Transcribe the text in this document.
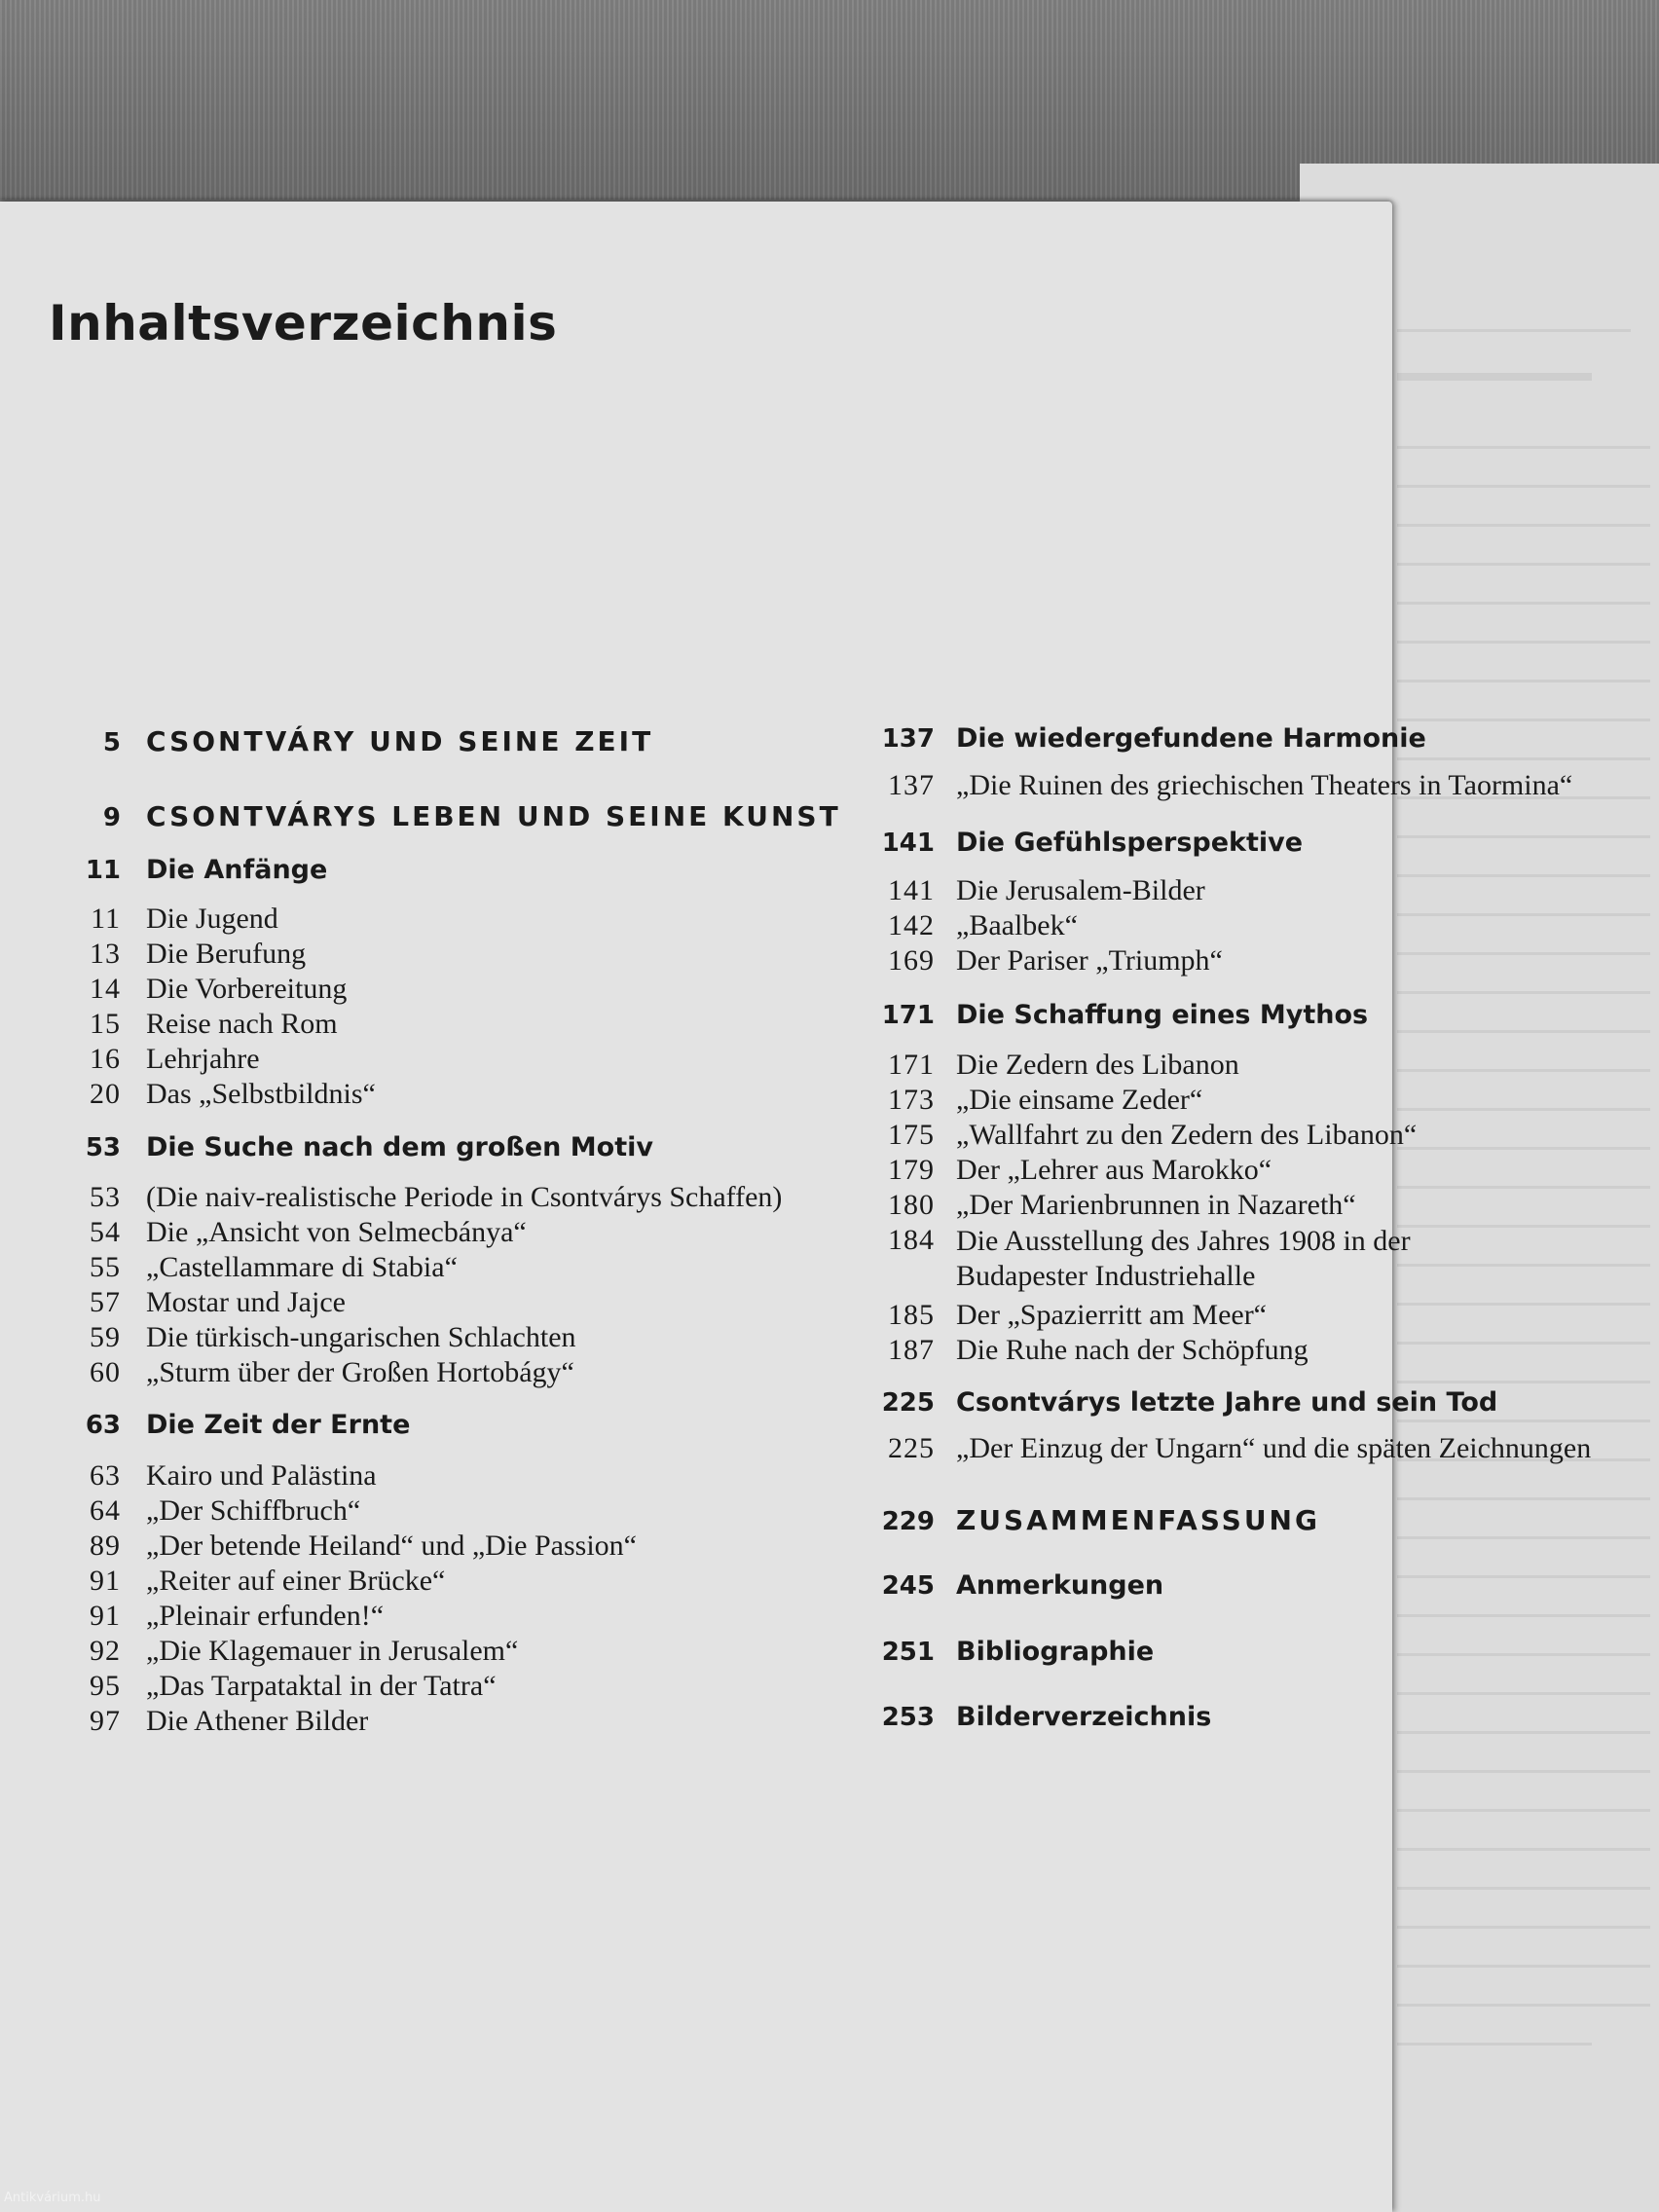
Inhaltsverzeichnis
5 CSONTVÁRY UND SEINE ZEIT
9 CSONTVÁRYS LEBEN UND SEINE KUNST
11 Die Anfänge
11 Die Jugend
13 Die Berufung
14 Die Vorbereitung
15 Reise nach Rom
16 Lehrjahre
20 Das „Selbstbildnis“
53 Die Suche nach dem großen Motiv
53 (Die naiv-realistische Periode in Csontvárys Schaffen)
54 Die „Ansicht von Selmecbánya“
55 „Castellammare di Stabia“
57 Mostar und Jajce
59 Die türkisch-ungarischen Schlachten
60 „Sturm über der Großen Hortobágy“
63 Die Zeit der Ernte
63 Kairo und Palästina
64 „Der Schiffbruch“
89 „Der betende Heiland“ und „Die Passion“
91 „Reiter auf einer Brücke“
91 „Pleinair erfunden!“
92 „Die Klagemauer in Jerusalem“
95 „Das Tarpataktal in der Tatra“
97 Die Athener Bilder
137 Die wiedergefundene Harmonie
137 „Die Ruinen des griechischen Theaters in Taormina“
141 Die Gefühlsperspektive
141 Die Jerusalem-Bilder
142 „Baalbek“
169 Der Pariser „Triumph“
171 Die Schaffung eines Mythos
171 Die Zedern des Libanon
173 „Die einsame Zeder“
175 „Wallfahrt zu den Zedern des Libanon“
179 Der „Lehrer aus Marokko“
180 „Der Marienbrunnen in Nazareth“
184 Die Ausstellung des Jahres 1908 in der Budapester Industriehalle
185 Der „Spazierritt am Meer“
187 Die Ruhe nach der Schöpfung
225 Csontvárys letzte Jahre und sein Tod
225 „Der Einzug der Ungarn“ und die späten Zeichnungen
229 ZUSAMMENFASSUNG
245 Anmerkungen
251 Bibliographie
253 Bilderverzeichnis
Antikvárium.hu
